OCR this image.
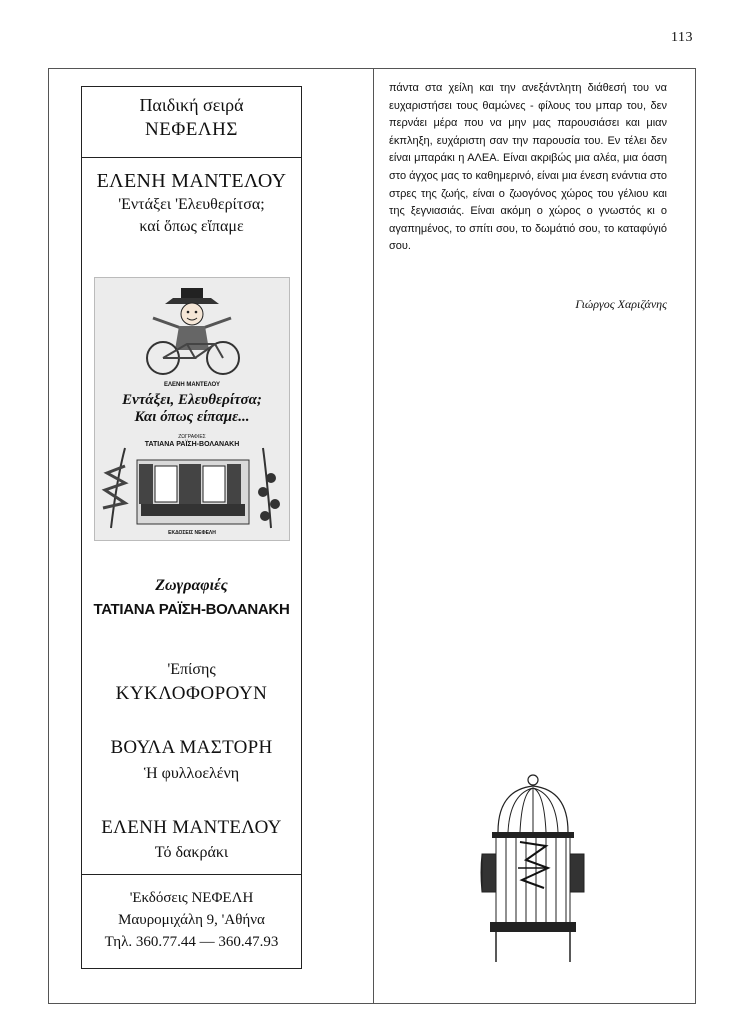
113
Παιδική σειρά
ΝΕΦΕΛΗΣ
ΕΛΕΝΗ ΜΑΝΤΕΛΟΥ
'Εντάξει 'Ελευθερίτσα;
καί ὅπως εἴπαμε
ΕΛΕΝΗ ΜΑΝΤΕΛΟΥ
Εντάξει, Ελευθερίτσα;
Και όπως είπαμε...
ΖΩΓΡΑΦΙΕΣ
ΤΑΤΙΑΝΑ ΡΑΪΣΗ-ΒΟΛΑΝΑΚΗ
ΕΚΔΟΣΕΙΣ ΝΕΦΕΛΗ
Ζωγραφιές
ΤΑΤΙΑΝΑ ΡΑΪΣΗ-ΒΟΛΑΝΑΚΗ
'Επίσης
ΚΥΚΛΟΦΟΡΟΥΝ
ΒΟΥΛΑ ΜΑΣΤΟΡΗ
Ἡ φυλλοελένη
ΕΛΕΝΗ ΜΑΝΤΕΛΟΥ
Τό δακράκι
'Εκδόσεις ΝΕΦΕΛΗ
Μαυρομιχάλη 9, 'Αθήνα
Τηλ. 360.77.44 — 360.47.93
πάντα στα χείλη και την ανεξάντλητη διάθεσή του να ευχαριστήσει τους θαμώνες - φίλους του μπαρ του, δεν περνάει μέρα που να μην μας παρουσιάσει και μιαν έκπληξη, ευχάριστη σαν την παρουσία του. Εν τέλει δεν είναι μπαράκι η ΑΛΕΑ. Είναι ακριβώς μια αλέα, μια όαση στο άγχος μας το καθημερινό, είναι μια ένεση ενάντια στο στρες της ζωής, είναι ο ζωογόνος χώρος του γέλιου και της ξεγνιασιάς. Είναι ακόμη ο χώρος ο γνωστός κι ο αγαπημένος, το σπίτι σου, το δωμάτιό σου, το καταφύγιό σου.
Γιώργος Χαριζάνης
